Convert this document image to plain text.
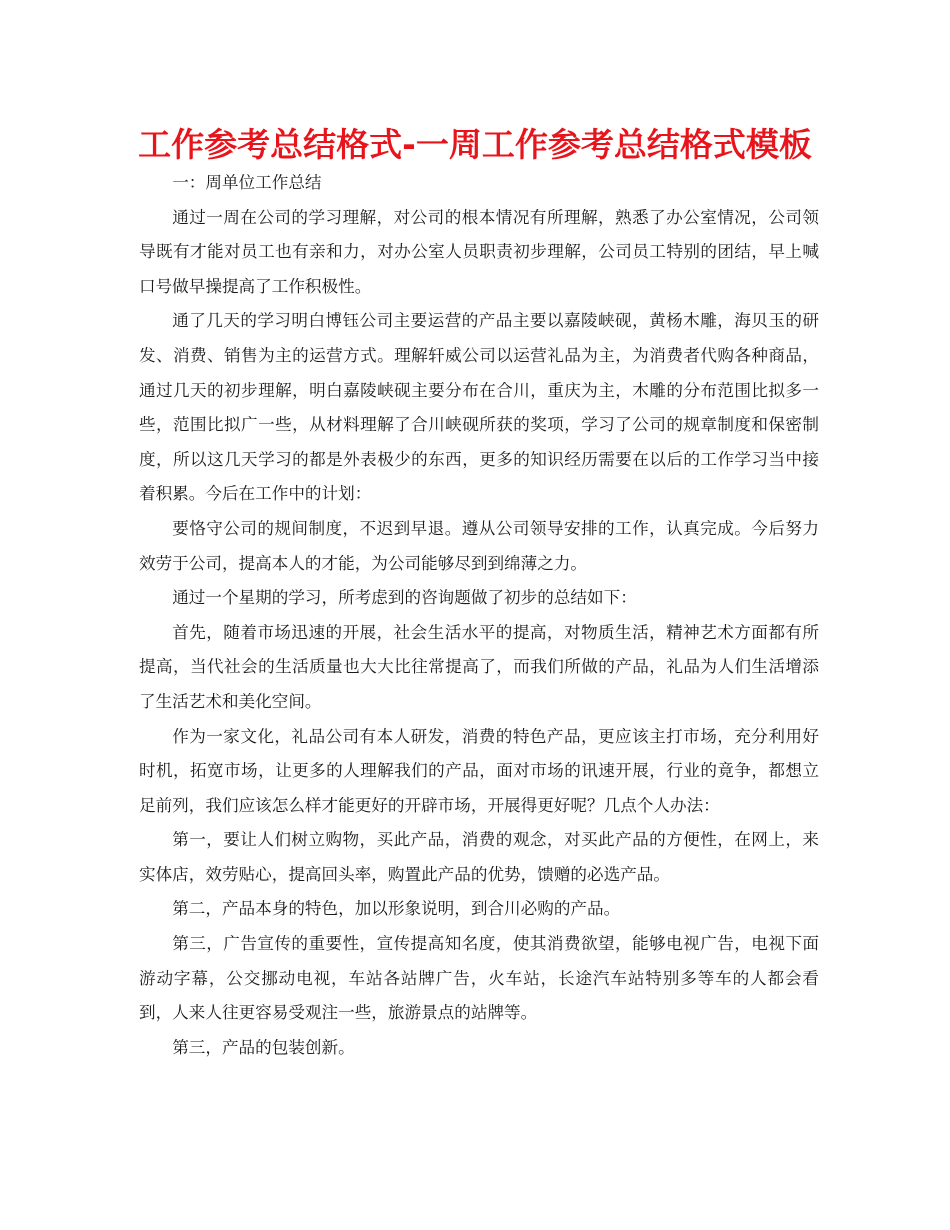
工作参考总结格式-一周工作参考总结格式模板

一：周单位工作总结

通过一周在公司的学习理解，对公司的根本情况有所理解，熟悉了办公室情况，公司领导既有才能对员工也有亲和力，对办公室人员职责初步理解，公司员工特别的团结，早上喊口号做早操提高了工作积极性。

通了几天的学习明白博钰公司主要运营的产品主要以嘉陵峡砚，黄杨木雕，海贝玉的研发、消费、销售为主的运营方式。理解轩威公司以运营礼品为主，为消费者代购各种商品，通过几天的初步理解，明白嘉陵峡砚主要分布在合川，重庆为主，木雕的分布范围比拟多一些，范围比拟广一些，从材料理解了合川峡砚所获的奖项，学习了公司的规章制度和保密制度，所以这几天学习的都是外表极少的东西，更多的知识经历需要在以后的工作学习当中接着积累。今后在工作中的计划：

要恪守公司的规间制度，不迟到早退。遵从公司领导安排的工作，认真完成。今后努力效劳于公司，提高本人的才能，为公司能够尽到到绵薄之力。

通过一个星期的学习，所考虑到的咨询题做了初步的总结如下：

首先，随着市场迅速的开展，社会生活水平的提高，对物质生活，精神艺术方面都有所提高，当代社会的生活质量也大大比往常提高了，而我们所做的产品，礼品为人们生活增添了生活艺术和美化空间。

作为一家文化，礼品公司有本人研发，消费的特色产品，更应该主打市场，充分利用好时机，拓宽市场，让更多的人理解我们的产品，面对市场的讯速开展，行业的竟争，都想立足前列，我们应该怎么样才能更好的开辟市场，开展得更好呢？几点个人办法：

第一，要让人们树立购物，买此产品，消费的观念，对买此产品的方便性，在网上，来实体店，效劳贴心，提高回头率，购置此产品的优势，馈赠的必选产品。

第二，产品本身的特色，加以形象说明，到合川必购的产品。

第三，广告宣传的重要性，宣传提高知名度，使其消费欲望，能够电视广告，电视下面游动字幕，公交挪动电视，车站各站牌广告，火车站，长途汽车站特别多等车的人都会看到，人来人往更容易受观注一些，旅游景点的站牌等。

第三，产品的包装创新。
